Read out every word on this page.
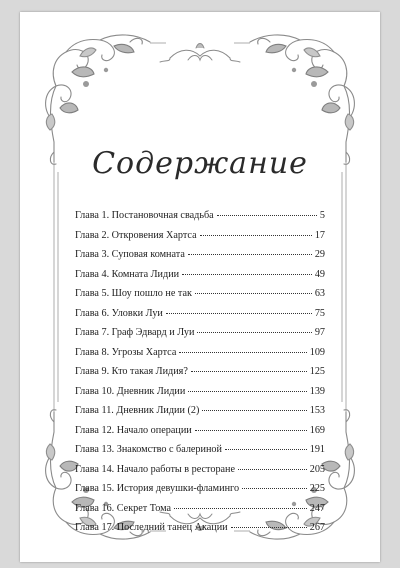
Содержание
Глава 1. Постановочная свадьба	5
Глава 2. Откровения Хартса	17
Глава 3. Суповая комната	29
Глава 4. Комната Лидии	49
Глава 5. Шоу пошло не так	63
Глава 6. Уловки Луи	75
Глава 7. Граф Эдвард и Луи	97
Глава 8. Угрозы Хартса	109
Глава 9. Кто такая Лидия?	125
Глава 10. Дневник Лидии	139
Глава 11. Дневник Лидии (2)	153
Глава 12. Начало операции	169
Глава 13. Знакомство с балериной	191
Глава 14. Начало работы в ресторане	205
Глава 15. История девушки-фламинго	225
Глава 16. Секрет Тома	247
Глава 17. Последний танец Акации	267
